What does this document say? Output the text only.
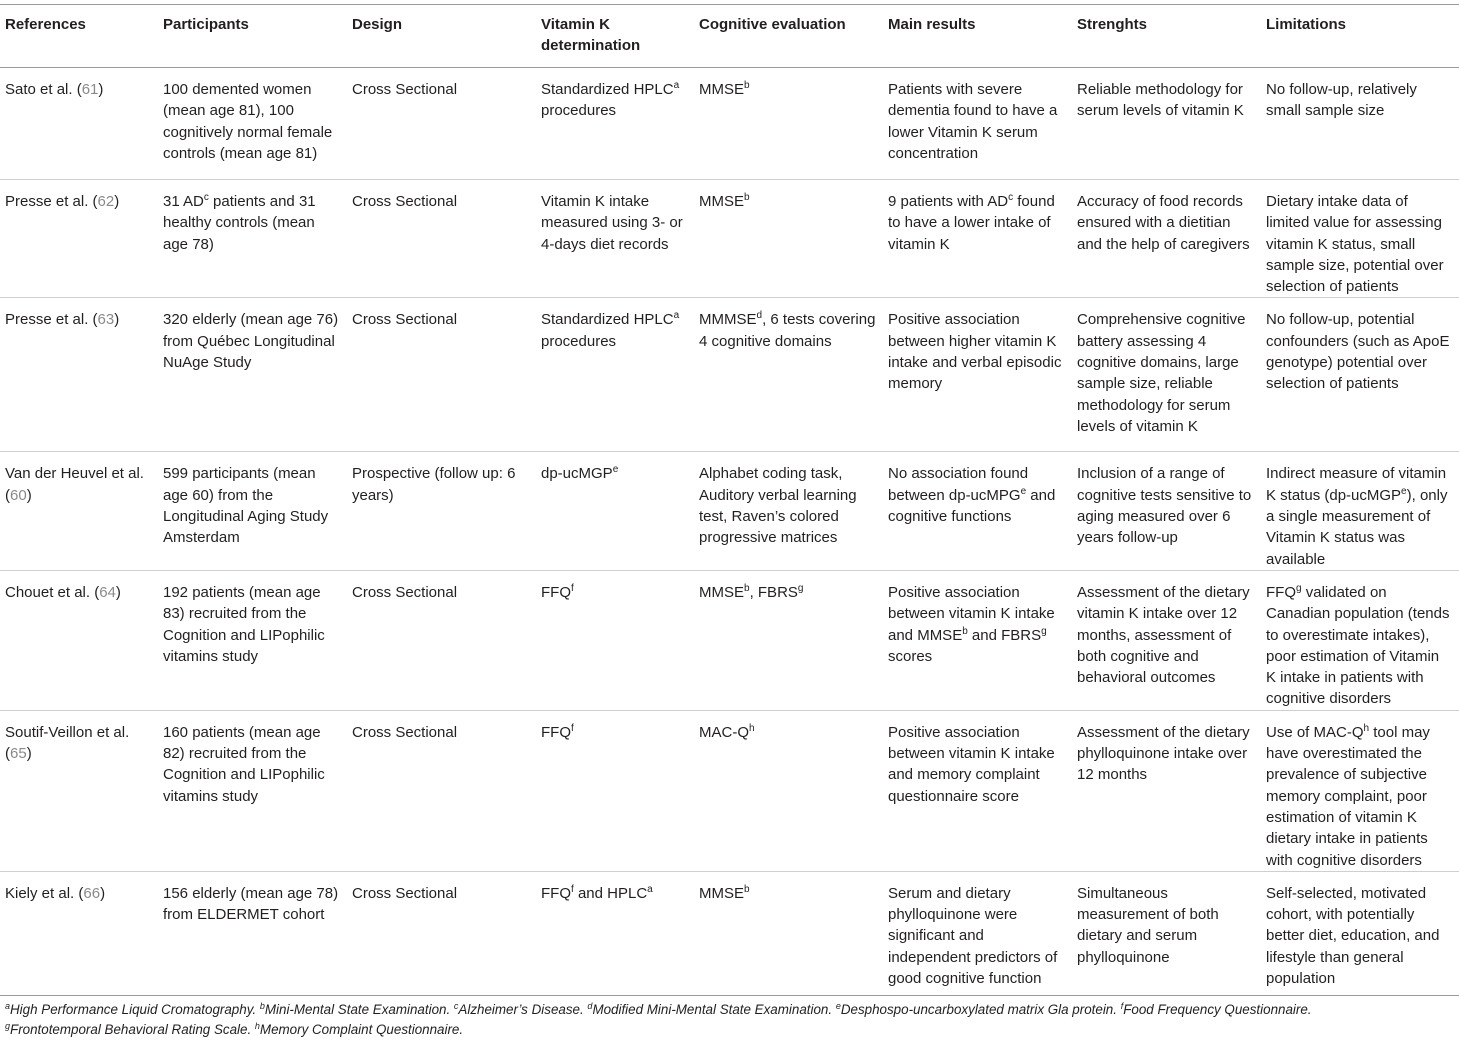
References	Participants	Design	Vitamin K determination	Cognitive evaluation	Main results	Strenghts	Limitations
Sato et al. (61)	100 demented women (mean age 81), 100 cognitively normal female controls (mean age 81)	Cross Sectional	Standardized HPLC$^a$ procedures	MMSE$^b$	Patients with severe dementia found to have a lower Vitamin K serum concentration	Reliable methodology for serum levels of vitamin K	No follow-up, relatively small sample size
Presse et al. (62)	31 $AD^c$ patients and 31 healthy controls (mean age 78)	Cross Sectional	Vitamin K intake measured using 3- or 4-days diet records	MMSE$^b$	9 patients with $AD^c$ found to have a lower intake of vitamin K	Accuracy of food records ensured with a dietitian and the help of caregivers	Dietary intake data of limited value for assessing vitamin K status, small sample size, potential over selection of patients
Presse et al. (63)	320 elderly (mean age 76) from Québec Longitudinal NuAge Study	Cross Sectional	Standardized HPLC$^a$ procedures	MMMSE$^d$, 6 tests covering 4 cognitive domains	Positive association between higher vitamin K intake and verbal episodic memory	Comprehensive cognitive battery assessing 4 cognitive domains, large sample size, reliable methodology for serum levels of vitamin K	No follow-up, potential confounders (such as ApoE genotype) potential over selection of patients
Van der Heuvel et al. (60)	599 participants (mean age 60) from the Longitudinal Aging Study Amsterdam	Prospective (follow up: 6 years)	dp-ucMGP$^e$	Alphabet coding task, Auditory verbal learning test, Raven’s colored progressive matrices	No association found between dp-ucMPG$^e$ and cognitive functions	Inclusion of a range of cognitive tests sensitive to aging measured over 6 years follow-up	Indirect measure of vitamin K status (dp-ucMGP$^e$), only a single measurement of Vitamin K status was available
Chouet et al. (64)	192 patients (mean age 83) recruited from the Cognition and LIPophilic vitamins study	Cross Sectional	FFQ$^f$	MMSE$^b$, FBRS$^g$	Positive association between vitamin K intake and MMSE$^b$ and FBRS$^g$ scores	Assessment of the dietary vitamin K intake over 12 months, assessment of both cognitive and behavioral outcomes	FFQ$^g$ validated on Canadian population (tends to overestimate intakes), poor estimation of Vitamin K intake in patients with cognitive disorders
Soutif-Veillon et al. (65)	160 patients (mean age 82) recruited from the Cognition and LIPophilic vitamins study	Cross Sectional	FFQ$^f$	MAC-$Q^h$	Positive association between vitamin K intake and memory complaint questionnaire score	Assessment of the dietary phylloquinone intake over 12 months	Use of MAC-$Q^h$ tool may have overestimated the prevalence of subjective memory complaint, poor estimation of vitamin K dietary intake in patients with cognitive disorders
Kiely et al. (66)	156 elderly (mean age 78) from ELDERMET cohort	Cross Sectional	FFQ$^f$ and HPLC$^a$	MMSE$^b$	Serum and dietary phylloquinone were significant and independent predictors of good cognitive function	Simultaneous measurement of both dietary and serum phylloquinone	Self-selected, motivated cohort, with potentially better diet, education, and lifestyle than general population
$^a$High Performance Liquid Cromatography. $^b$Mini-Mental State Examination. $^c$Alzheimer’s Disease. $^d$Modified Mini-Mental State Examination. $^e$Desphospo-uncarboxylated matrix Gla protein. $^f$Food Frequency Questionnaire.
$^g$Frontotemporal Behavioral Rating Scale. $^h$Memory Complaint Questionnaire.
